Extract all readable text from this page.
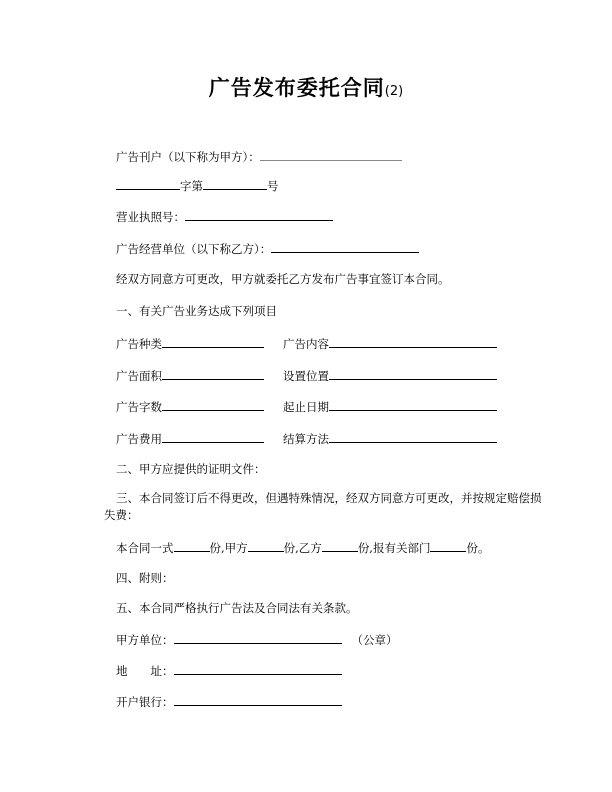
广告发布委托合同(2)
广告刊户（以下称为甲方）：
字第	号
营业执照号：
广告经营单位（以下称乙方）：
经双方同意方可更改，甲方就委托乙方发布广告事宜签订本合同。
一、有关广告业务达成下列项目
广告种类	广告内容
广告面积	设置位置
广告字数	起止日期
广告费用	结算方法
二、甲方应提供的证明文件：
三、本合同签订后不得更改，但遇特殊情况，经双方同意方可更改，并按规定赔偿损失费：
本合同一式	份,甲方	份,乙方	份,报有关部门	份。
四、附则：
五、本合同严格执行广告法及合同法有关条款。
甲方单位：	（公章）
地　　址：
开户银行：
